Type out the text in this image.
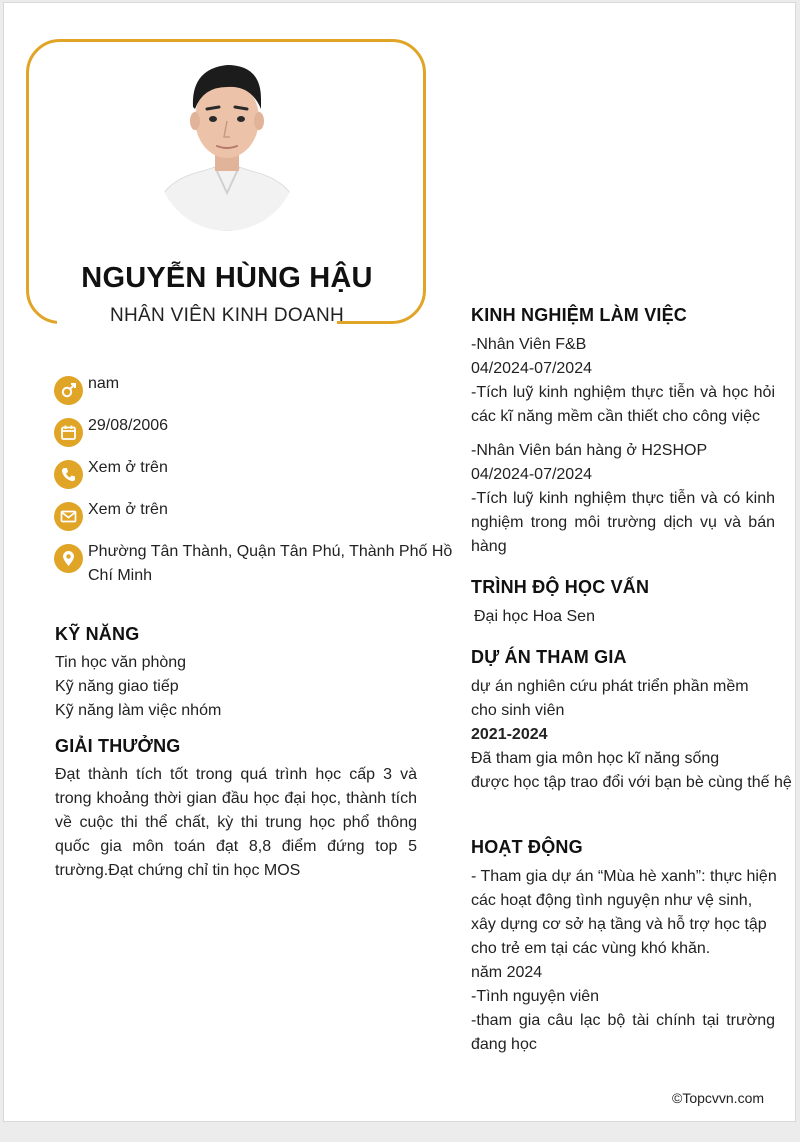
NGUYỄN HÙNG HẬU
NHÂN VIÊN KINH DOANH
nam
29/08/2006
Xem ở trên
Xem ở trên
Phường Tân Thành, Quận Tân Phú, Thành Phố Hồ
Chí Minh
KỸ NĂNG
Tin học văn phòng
Kỹ năng giao tiếp
Kỹ năng làm việc nhóm
GIẢI THƯỞNG
Đạt thành tích tốt trong quá trình học cấp 3 và trong khoảng thời gian đầu học đại học, thành tích về cuộc thi thể chất, kỳ thi trung học phổ thông quốc gia môn toán đạt 8,8 điểm đứng top 5 trường.Đạt chứng chỉ tin học MOS
KINH NGHIỆM LÀM VIỆC
-Nhân Viên F&B
04/2024-07/2024
-Tích luỹ kinh nghiệm thực tiễn và học hỏi các kĩ năng mềm cần thiết cho công việc
-Nhân Viên bán hàng ở H2SHOP
04/2024-07/2024
-Tích luỹ kinh nghiệm thực tiễn và có kinh nghiệm trong môi trường dịch vụ và bán hàng
TRÌNH ĐỘ HỌC VẤN
Đại học Hoa Sen
DỰ ÁN THAM GIA
dự án nghiên cứu phát triển phần mềm
cho sinh viên
2021-2024
Đã tham gia môn học kĩ năng sống
được học tập trao đổi với bạn bè cùng thế hệ
HOẠT ĐỘNG
- Tham gia dự án “Mùa hè xanh”: thực hiện
các hoạt động tình nguyện như vệ sinh,
xây dựng cơ sở hạ tầng và hỗ trợ học tập
cho trẻ em tại các vùng khó khăn.
năm 2024
-Tình nguyện viên
-tham gia câu lạc bộ tài chính tại trường đang học
©Topcvvn.com
